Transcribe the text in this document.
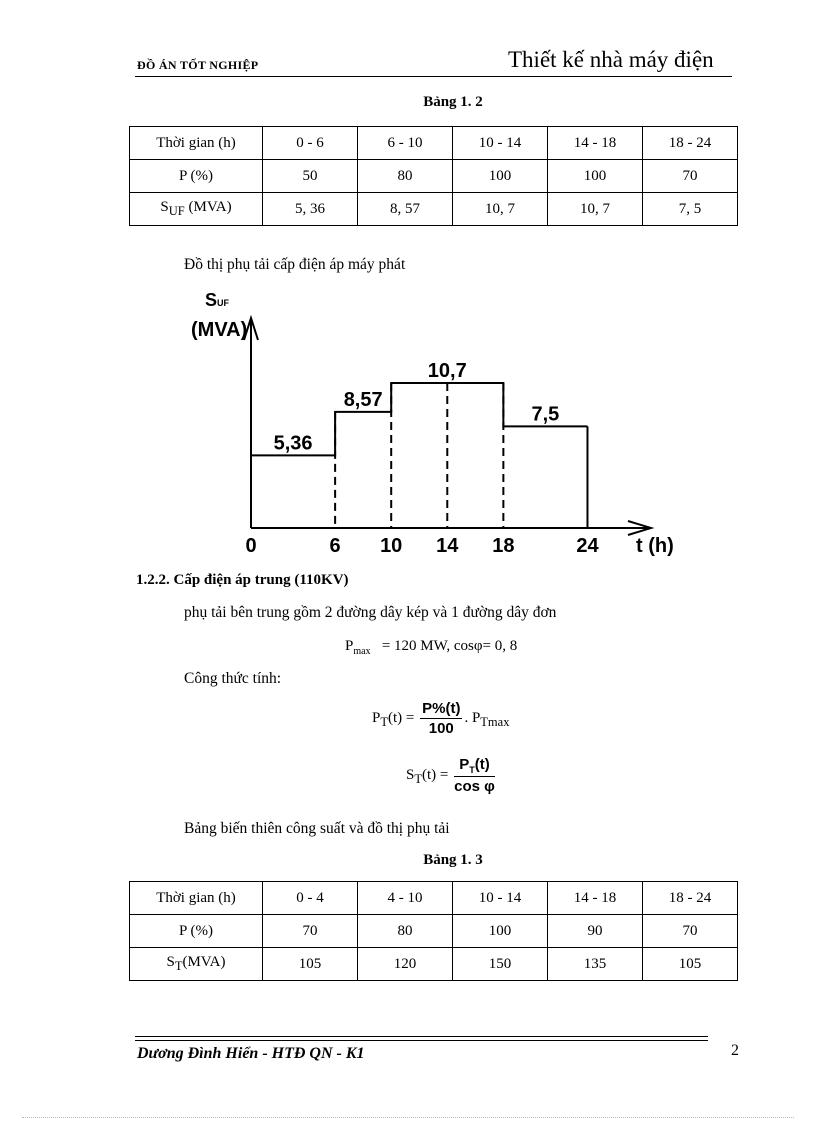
ĐỒ ÁN TỐT NGHIỆP	Thiết kế nhà máy điện
Bảng 1. 2
Thời gian (h)	0 - 6	6 - 10	10 - 14	14 - 18	18 - 24
P (%)	50	80	100	100	70
$S_{UF}$ (MVA)	5, 36	8, 57	10, 7	10, 7	7, 5
Đồ thị phụ tải cấp điện áp máy phát
5,36
8,57
10,7
7,5
0	6 10 14 18	24
SUF
(MVA)
t (h)
1.2.2. Cấp điện áp trung (110KV)
phụ tải bên trung gồm 2 đường dây kép và 1 đường dây đơn
$P_{max} = 120$ MW, cosφ= 0, 8
Công thức tính:
$P_T(t) = \frac{P\%(t)}{100}$ . $P_{Tmax}$
$S_T(t) = \frac{P_T(t)}{\text{cos φ}}$
Bảng biến thiên công suất và đồ thị phụ tải
Bảng 1. 3
Thời gian (h)	0 - 4	4 - 10	10 - 14	14 - 18	18 - 24
P (%)	70	80	100	90	70
$S_T(MVA)$	105	120	150	135	105
Dương Đình Hiển - HTĐ QN - K1	2
